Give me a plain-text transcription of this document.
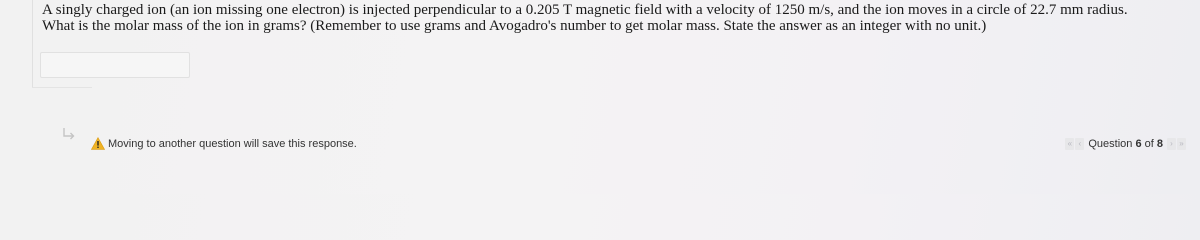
A singly charged ion (an ion missing one electron) is injected perpendicular to a 0.205 T magnetic field with a velocity of 1250 m/s, and the ion moves in a circle of 22.7 mm radius. What is the molar mass of the ion in grams? (Remember to use grams and Avogadro's number to get molar mass. State the answer as an integer with no unit.)

Moving to another question will save this response.	« ‹ Question 6 of 8 › »
